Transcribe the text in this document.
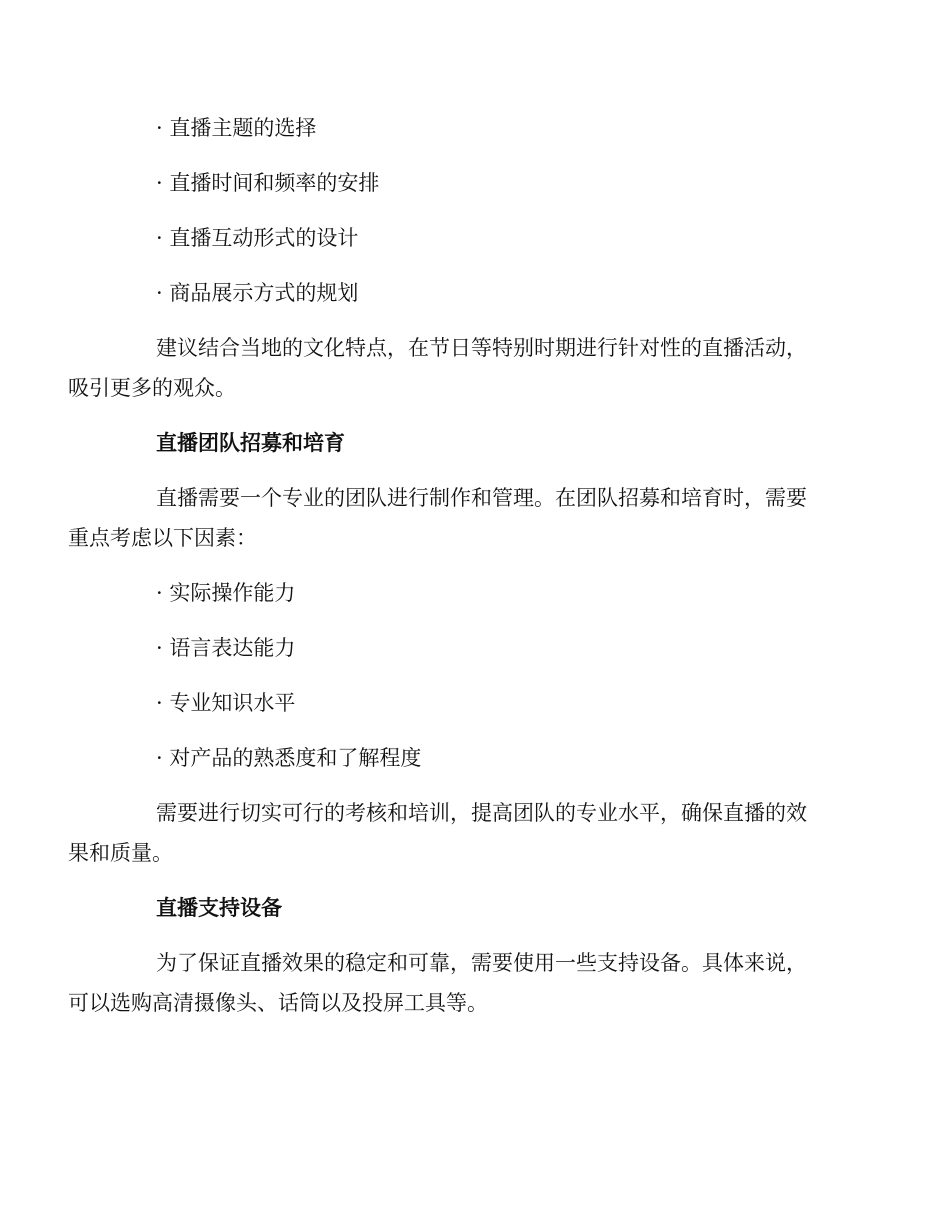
· 直播主题的选择

· 直播时间和频率的安排

· 直播互动形式的设计

· 商品展示方式的规划

建议结合当地的文化特点，在节日等特别时期进行针对性的直播活动，
吸引更多的观众。

直播团队招募和培育

直播需要一个专业的团队进行制作和管理。在团队招募和培育时，需要
重点考虑以下因素：

· 实际操作能力

· 语言表达能力

· 专业知识水平

· 对产品的熟悉度和了解程度

需要进行切实可行的考核和培训，提高团队的专业水平，确保直播的效
果和质量。

直播支持设备

为了保证直播效果的稳定和可靠，需要使用一些支持设备。具体来说，
可以选购高清摄像头、话筒以及投屏工具等。
